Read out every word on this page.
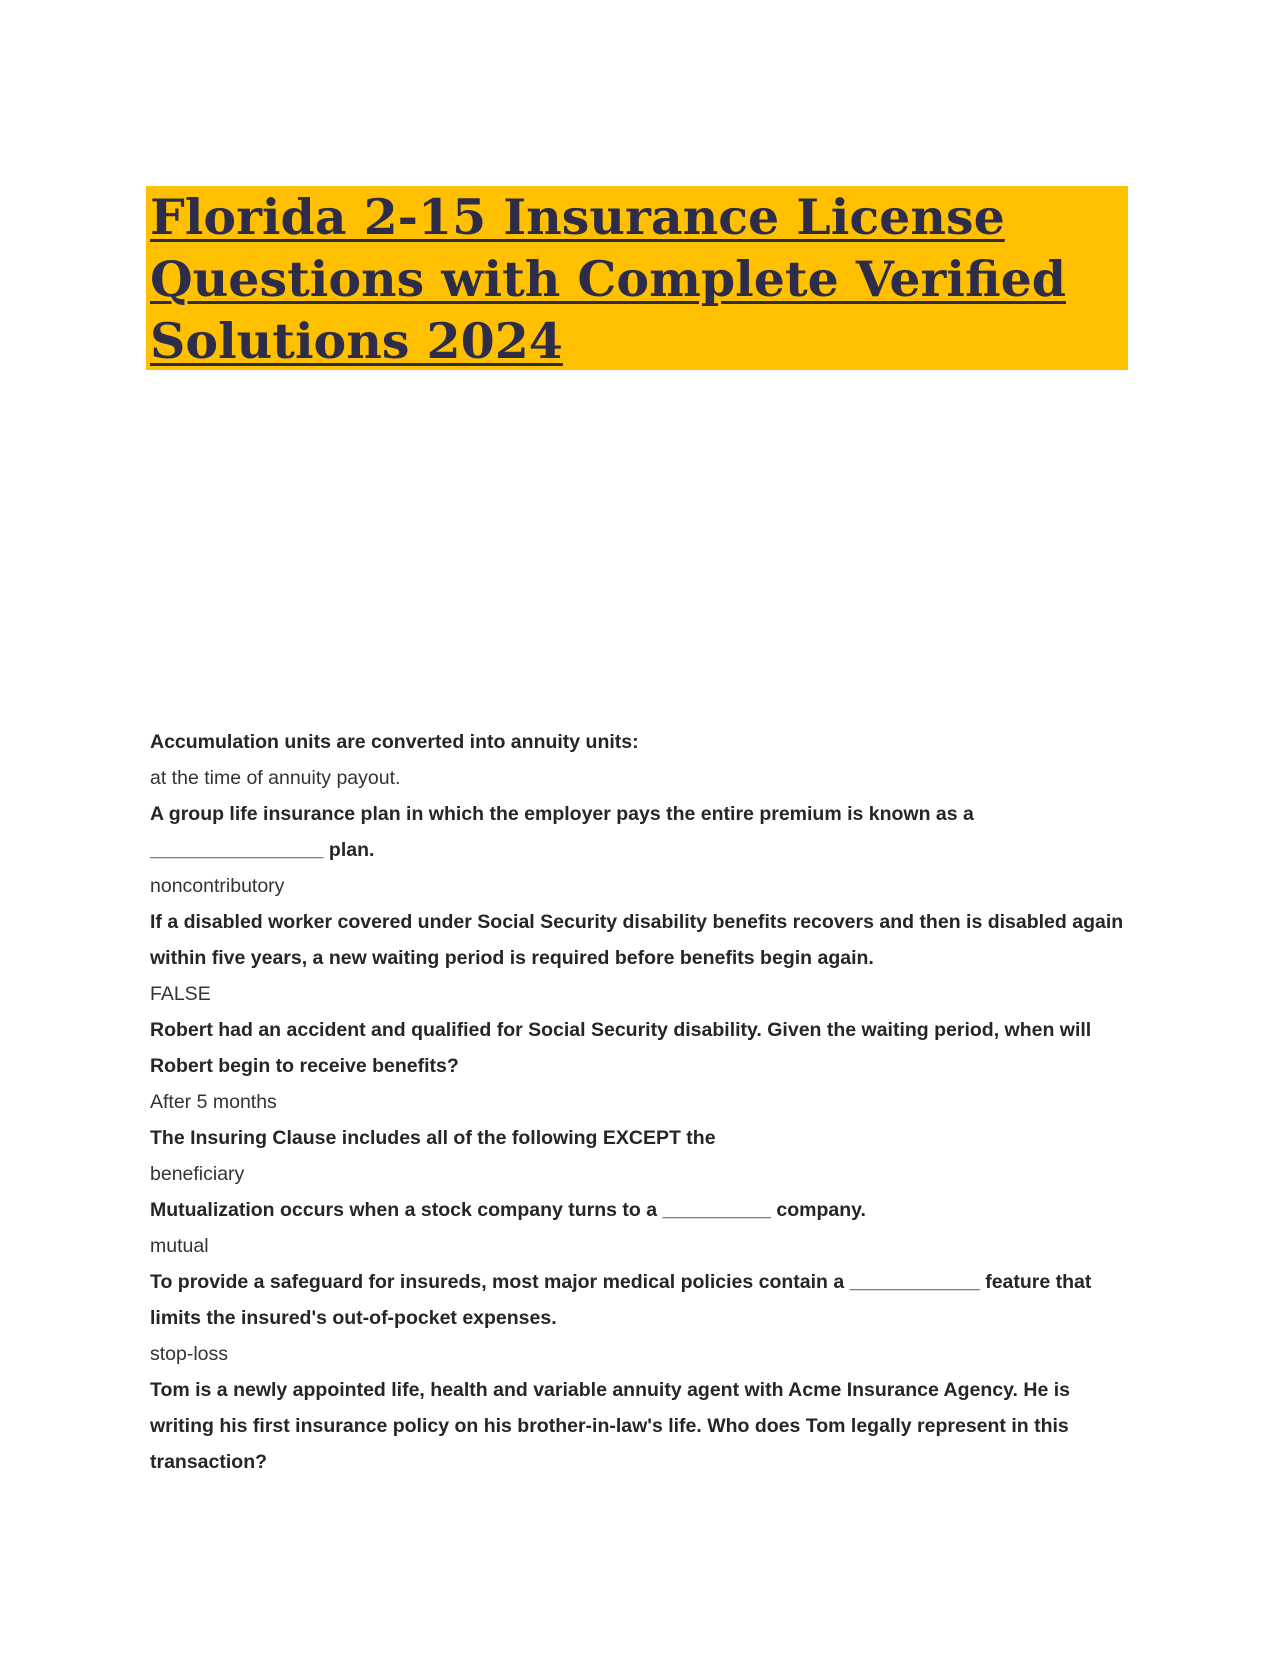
Florida 2-15 Insurance License Questions with Complete Verified Solutions 2024

Accumulation units are converted into annuity units:

at the time of annuity payout.

A group life insurance plan in which the employer pays the entire premium is known as a ________________ plan.

noncontributory

If a disabled worker covered under Social Security disability benefits recovers and then is disabled again within five years, a new waiting period is required before benefits begin again.

FALSE

Robert had an accident and qualified for Social Security disability. Given the waiting period, when will Robert begin to receive benefits?

After 5 months

The Insuring Clause includes all of the following EXCEPT the

beneficiary

Mutualization occurs when a stock company turns to a __________ company.

mutual

To provide a safeguard for insureds, most major medical policies contain a ____________ feature that limits the insured's out-of-pocket expenses.

stop-loss

Tom is a newly appointed life, health and variable annuity agent with Acme Insurance Agency. He is writing his first insurance policy on his brother-in-law's life. Who does Tom legally represent in this transaction?
